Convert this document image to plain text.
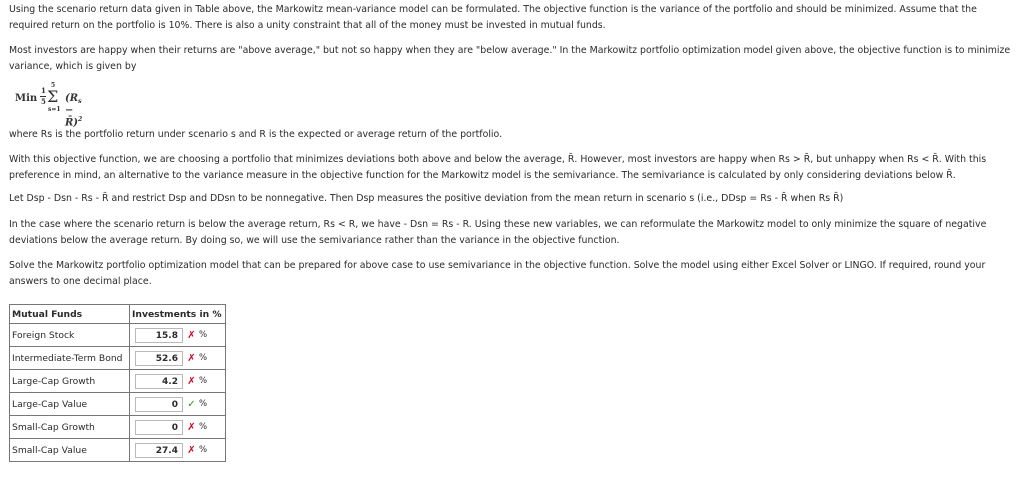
Using the scenario return data given in Table above, the Markowitz mean-variance model can be formulated. The objective function is the variance of the portfolio and should be minimized. Assume that the required return on the portfolio is 10%. There is also a unity constraint that all of the money must be invested in mutual funds.

Most investors are happy when their returns are "above average," but not so happy when they are "below average." In the Markowitz portfolio optimization model given above, the objective function is to minimize variance, which is given by

Min
1
5
5
Σ
s=1
($R_s$ − R̄)$^2$

where Rs is the portfolio return under scenario s and R is the expected or average return of the portfolio.

With this objective function, we are choosing a portfolio that minimizes deviations both above and below the average, R̄. However, most investors are happy when Rs > R̄, but unhappy when Rs < R̄. With this preference in mind, an alternative to the variance measure in the objective function for the Markowitz model is the semivariance. The semivariance is calculated by only considering deviations below R̄.

Let Dsp - Dsn - Rs - R̄ and restrict Dsp and DDsn to be nonnegative. Then Dsp measures the positive deviation from the mean return in scenario s (i.e., DDsp = Rs - R̄ when Rs R̄)

In the case where the scenario return is below the average return, Rs < R, we have - Dsn = Rs - R. Using these new variables, we can reformulate the Markowitz model to only minimize the square of negative deviations below the average return. By doing so, we will use the semivariance rather than the variance in the objective function.

Solve the Markowitz portfolio optimization model that can be prepared for above case to use semivariance in the objective function. Solve the model using either Excel Solver or LINGO. If required, round your answers to one decimal place.

Mutual Funds	Investments in %
Foreign Stock	15.8 ✗ %
Intermediate-Term Bond	52.6 ✗ %
Large-Cap Growth	4.2 ✗ %
Large-Cap Value	0 ✓ %
Small-Cap Growth	0 ✗ %
Small-Cap Value	27.4 ✗ %
